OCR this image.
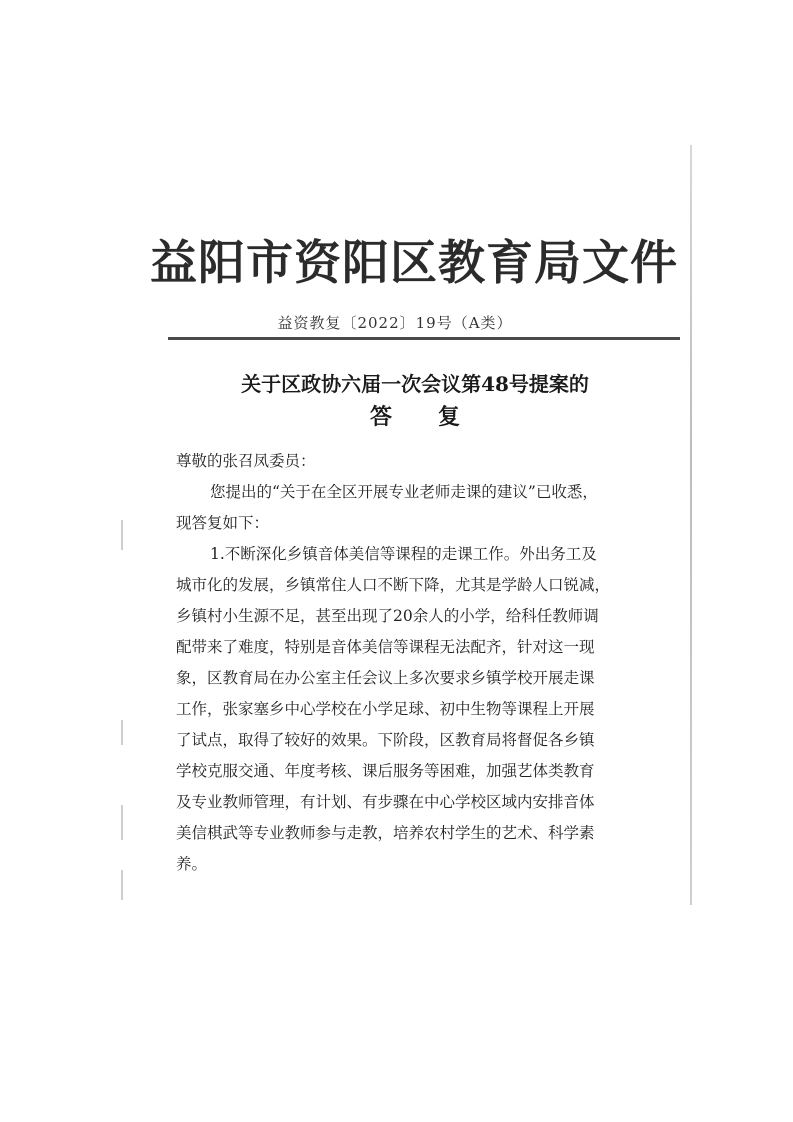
益阳市资阳区教育局文件
益资教复〔2022〕19号（A类）
关于区政协六届一次会议第48号提案的
答复
尊敬的张召凤委员：
您提出的“关于在全区开展专业老师走课的建议”已收悉，
现答复如下：
1.不断深化乡镇音体美信等课程的走课工作。外出务工及
城市化的发展，乡镇常住人口不断下降，尤其是学龄人口锐减，
乡镇村小生源不足，甚至出现了20余人的小学，给科任教师调
配带来了难度，特别是音体美信等课程无法配齐，针对这一现
象，区教育局在办公室主任会议上多次要求乡镇学校开展走课
工作，张家塞乡中心学校在小学足球、初中生物等课程上开展
了试点，取得了较好的效果。下阶段，区教育局将督促各乡镇
学校克服交通、年度考核、课后服务等困难，加强艺体类教育
及专业教师管理，有计划、有步骤在中心学校区域内安排音体
美信棋武等专业教师参与走教，培养农村学生的艺术、科学素
养。
